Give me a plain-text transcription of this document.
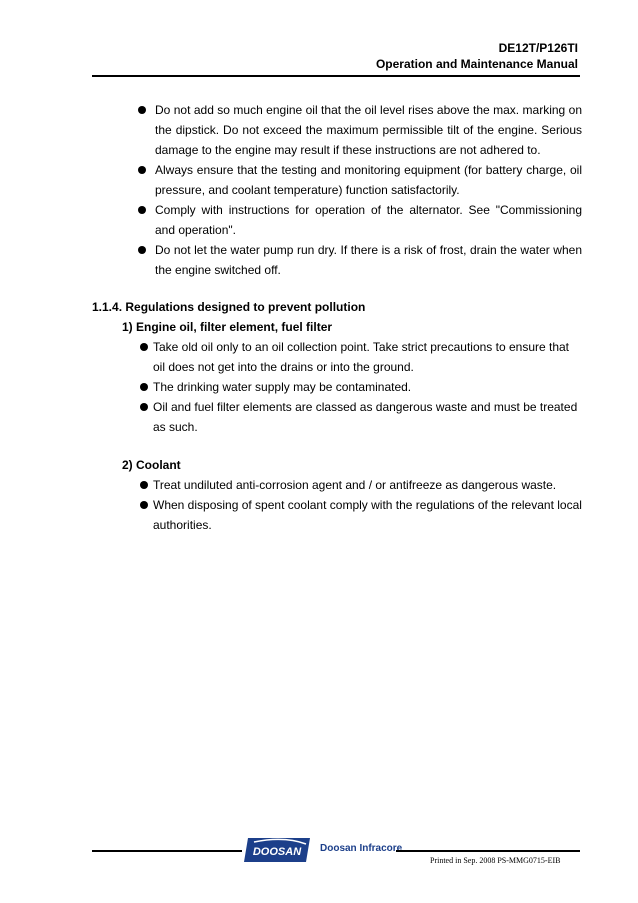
DE12T/P126TI
Operation and Maintenance Manual
Do not add so much engine oil that the oil level rises above the max. marking on the dipstick. Do not exceed the maximum permissible tilt of the engine. Serious damage to the engine may result if these instructions are not adhered to.
Always ensure that the testing and monitoring equipment (for battery charge, oil pressure, and coolant temperature) function satisfactorily.
Comply with instructions for operation of the alternator. See "Commissioning and operation".
Do not let the water pump run dry. If there is a risk of frost, drain the water when the engine switched off.
1.1.4. Regulations designed to prevent pollution
1) Engine oil, filter element, fuel filter
Take old oil only to an oil collection point. Take strict precautions to ensure that oil does not get into the drains or into the ground.
The drinking water supply may be contaminated.
Oil and fuel filter elements are classed as dangerous waste and must be treated as such.
2) Coolant
Treat undiluted anti-corrosion agent and / or antifreeze as dangerous waste.
When disposing of spent coolant comply with the regulations of the relevant local authorities.
DOOSAN Doosan Infracore
Printed in Sep. 2008 PS-MMG0715-EIB
